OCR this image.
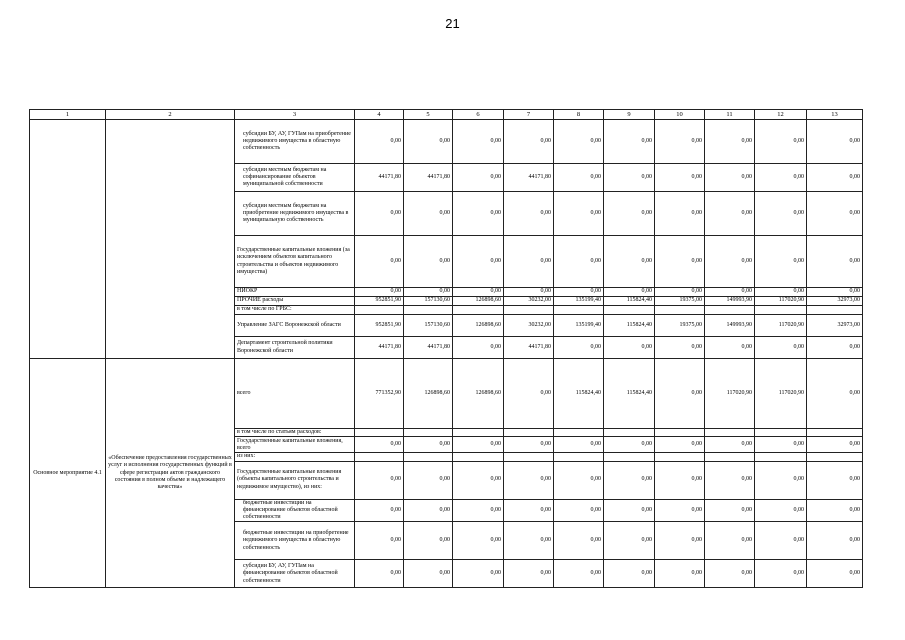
21
1	2	3	4	5	6	7	8	9	10	11	12	13
		субсидии БУ, АУ, ГУПам на приобретение недвижимого имущества в областную собственность	0,00	0,00	0,00	0,00	0,00	0,00	0,00	0,00	0,00	0,00
		субсидии местным бюджетам на софинансирование объектов муниципальной собственности	44171,80	44171,80	0,00	44171,80	0,00	0,00	0,00	0,00	0,00	0,00
		субсидии местным бюджетам на приобретение недвижимого имущества в муниципальную собственность	0,00	0,00	0,00	0,00	0,00	0,00	0,00	0,00	0,00	0,00
		Государственные капитальные вложения (за исключением объектов капитального строительства и объектов недвижимого имущества)	0,00	0,00	0,00	0,00	0,00	0,00	0,00	0,00	0,00	0,00
		НИОКР	0,00	0,00	0,00	0,00	0,00	0,00	0,00	0,00	0,00	0,00
		ПРОЧИЕ расходы	952851,90	157130,60	126898,60	30232,00	135199,40	115824,40	19375,00	149993,90	117020,90	32973,00
		в том числе по ГРБС:										
		Управление ЗАГС Воронежской области	952851,90	157130,60	126898,60	30232,00	135199,40	115824,40	19375,00	149993,90	117020,90	32973,00
		Департамент строительной политики Воронежской области	44171,80	44171,80	0,00	44171,80	0,00	0,00	0,00	0,00	0,00	0,00
Основное мероприятие 4.1	«Обеспечение предоставления государственных услуг и исполнения государственных функций в сфере регистрации актов гражданского состояния в полном объеме и надлежащего качества»	всего	771352,90	126898,60	126898,60	0,00	115824,40	115824,40	0,00	117020,90	117020,90	0,00
		в том числе по статьям расходов:										
		Государственные капитальные вложения, всего	0,00	0,00	0,00	0,00	0,00	0,00	0,00	0,00	0,00	0,00
		из них:										
		Государственные капитальные вложения (объекты капитального строительства и недвижимое имущество), из них:	0,00	0,00	0,00	0,00	0,00	0,00	0,00	0,00	0,00	0,00
		бюджетные инвестиции на финансирование объектов областной собственности	0,00	0,00	0,00	0,00	0,00	0,00	0,00	0,00	0,00	0,00
		бюджетные инвестиции на приобретение недвижимого имущества в областную собственность	0,00	0,00	0,00	0,00	0,00	0,00	0,00	0,00	0,00	0,00
		субсидии БУ, АУ, ГУПам на финансирование объектов областной собственности	0,00	0,00	0,00	0,00	0,00	0,00	0,00	0,00	0,00	0,00
